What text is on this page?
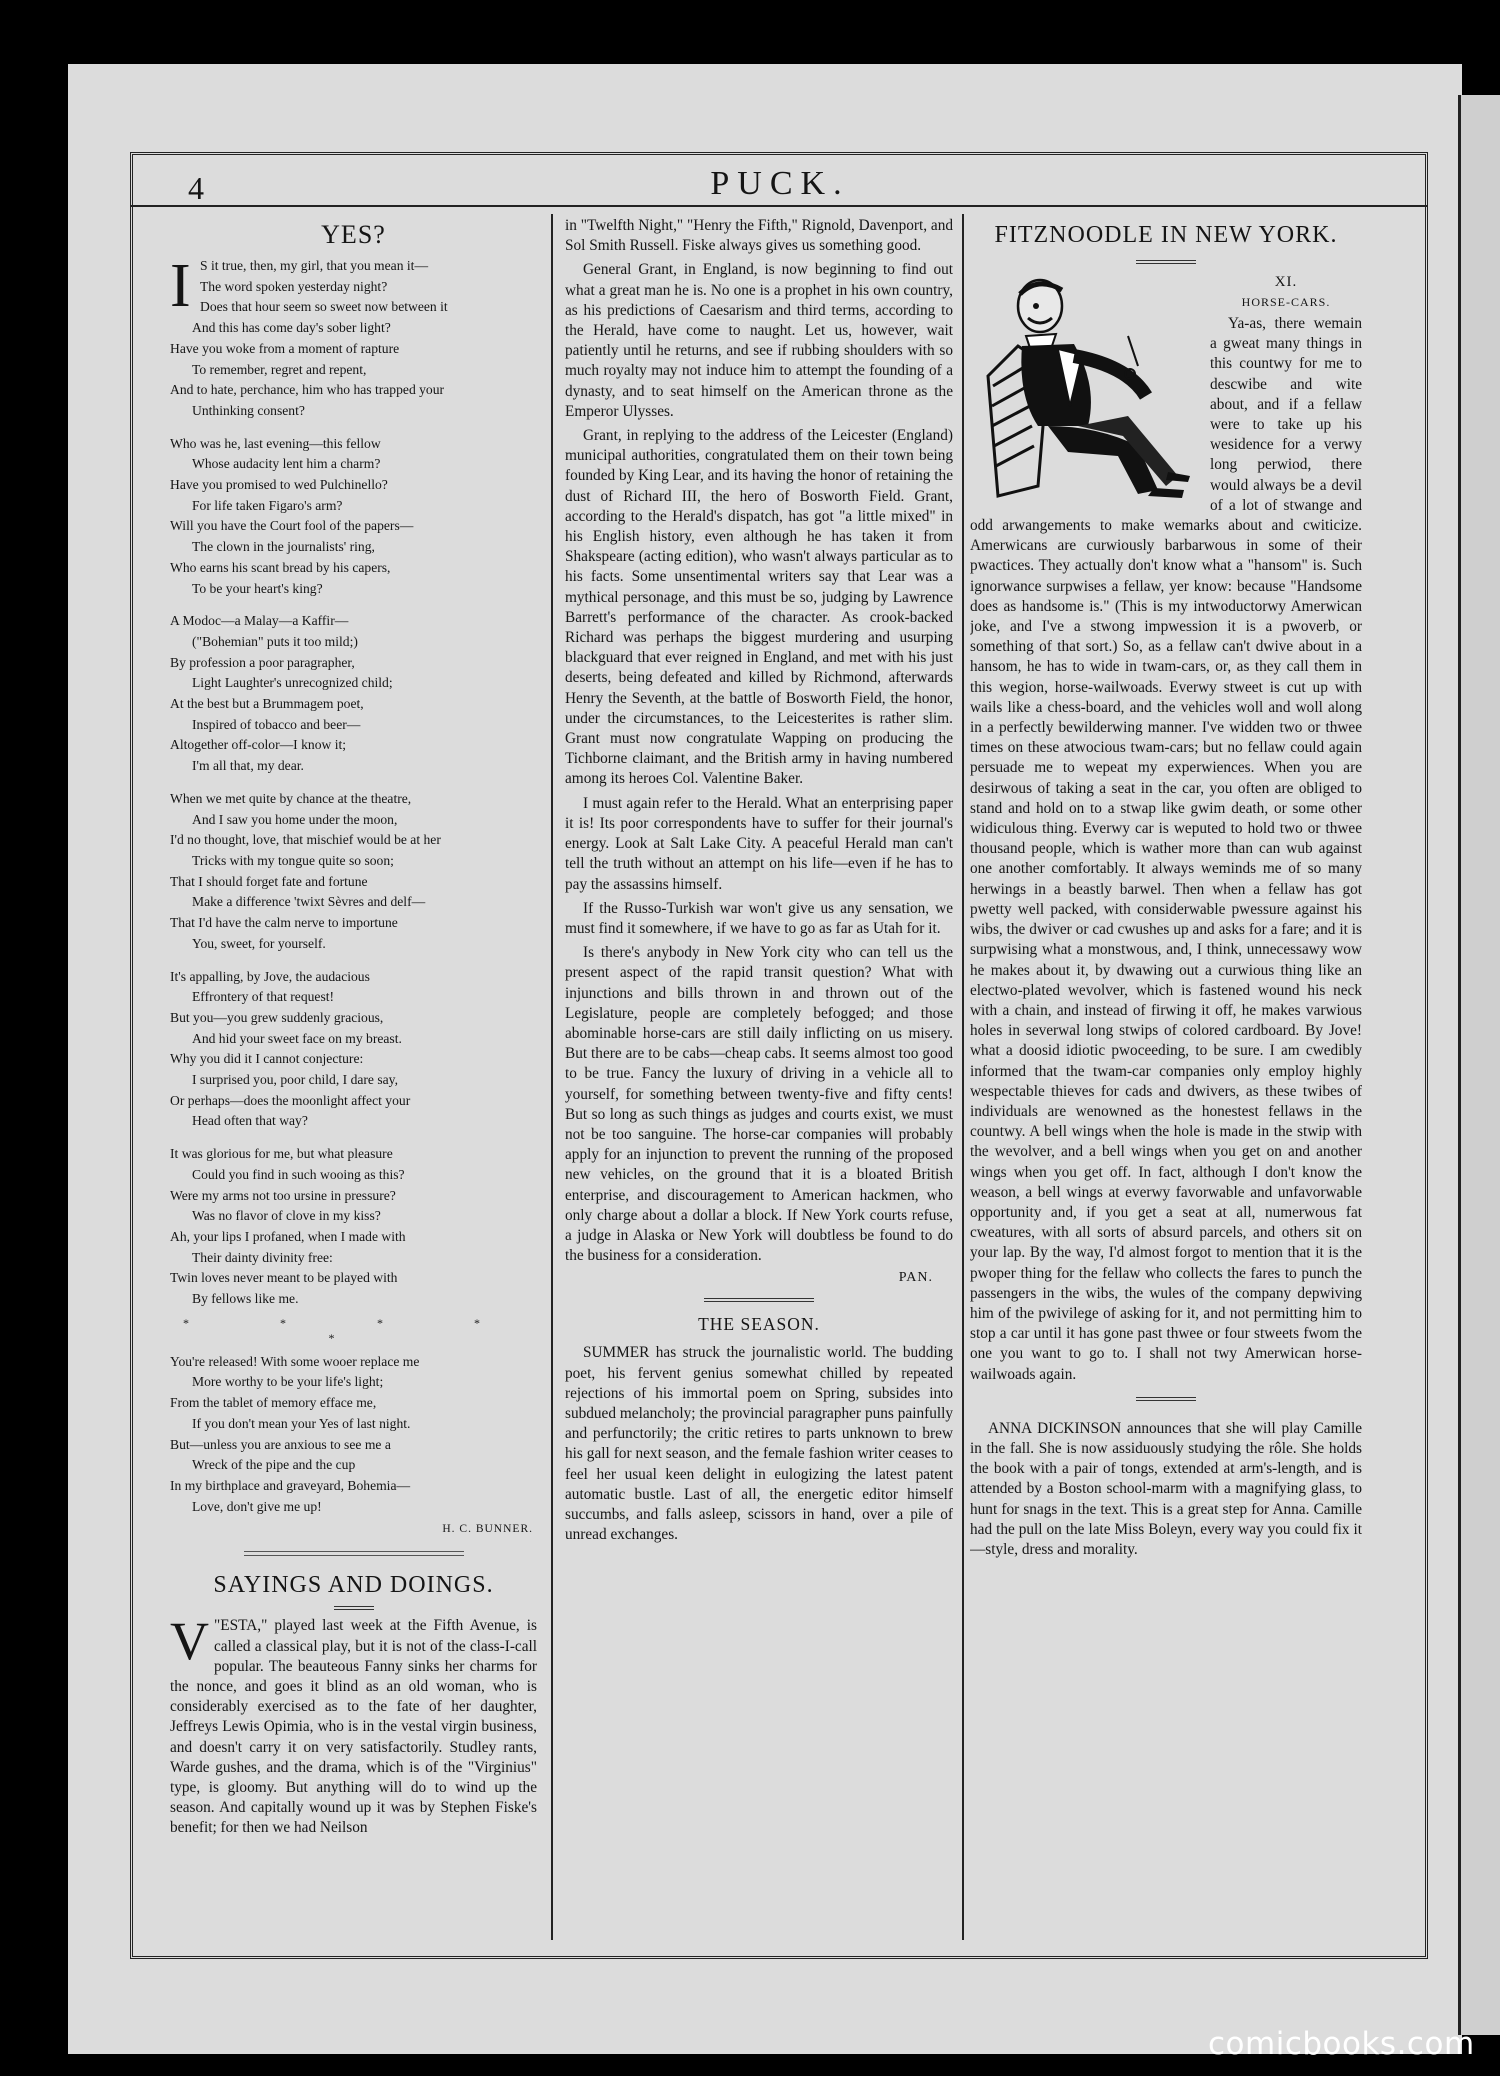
4	PUCK.
YES?
I S it true, then, my girl, that you mean it—

The word spoken yesterday night?

Does that hour seem so sweet now between it

And this has come day's sober light?

Have you woke from a moment of rapture

To remember, regret and repent,

And to hate, perchance, him who has trapped your

Unthinking consent?

Who was he, last evening—this fellow

Whose audacity lent him a charm?

Have you promised to wed Pulchinello?

For life taken Figaro's arm?

Will you have the Court fool of the papers—

The clown in the journalists' ring,

Who earns his scant bread by his capers,

To be your heart's king?

A Modoc—a Malay—a Kaffir—

("Bohemian" puts it too mild;)

By profession a poor paragrapher,

Light Laughter's unrecognized child;

At the best but a Brummagem poet,

Inspired of tobacco and beer—

Altogether off-color—I know it;

I'm all that, my dear.

When we met quite by chance at the theatre,

And I saw you home under the moon,

I'd no thought, love, that mischief would be at her

Tricks with my tongue quite so soon;

That I should forget fate and fortune

Make a difference 'twixt Sèvres and delf—

That I'd have the calm nerve to importune

You, sweet, for yourself.

It's appalling, by Jove, the audacious

Effrontery of that request!

But you—you grew suddenly gracious,

And hid your sweet face on my breast.

Why you did it I cannot conjecture:

I surprised you, poor child, I dare say,

Or perhaps—does the moonlight affect your

Head often that way?

It was glorious for me, but what pleasure

Could you find in such wooing as this?

Were my arms not too ursine in pressure?

Was no flavor of clove in my kiss?

Ah, your lips I profaned, when I made with

Their dainty divinity free:

Twin loves never meant to be played with

By fellows like me.

* * * * *

You're released! With some wooer replace me

More worthy to be your life's light;

From the tablet of memory efface me,

If you don't mean your Yes of last night.

But—unless you are anxious to see me a

Wreck of the pipe and the cup

In my birthplace and graveyard, Bohemia—

Love, don't give me up!

H. C. BUNNER.
SAYINGS AND DOINGS.
V "ESTA," played last week at the Fifth Avenue, is called a classical play, but it is not of the class-I-call popular. The beauteous Fanny sinks her charms for the nonce, and goes it blind as an old woman, who is considerably exercised as to the fate of her daughter, Jeffreys Lewis Opimia, who is in the vestal virgin business, and doesn't carry it on very satisfactorily. Studley rants, Warde gushes, and the drama, which is of the "Virginius" type, is gloomy. But anything will do to wind up the season. And capitally wound up it was by Stephen Fiske's benefit; for then we had Neilson

in "Twelfth Night," "Henry the Fifth," Rignold, Davenport, and Sol Smith Russell. Fiske always gives us something good.

General Grant, in England, is now beginning to find out what a great man he is. No one is a prophet in his own country, as his predictions of Caesarism and third terms, according to the Herald, have come to naught. Let us, however, wait patiently until he returns, and see if rubbing shoulders with so much royalty may not induce him to attempt the founding of a dynasty, and to seat himself on the American throne as the Emperor Ulysses.

Grant, in replying to the address of the Leicester (England) municipal authorities, congratulated them on their town being founded by King Lear, and its having the honor of retaining the dust of Richard III, the hero of Bosworth Field. Grant, according to the Herald's dispatch, has got "a little mixed" in his English history, even although he has taken it from Shakspeare (acting edition), who wasn't always particular as to his facts. Some unsentimental writers say that Lear was a mythical personage, and this must be so, judging by Lawrence Barrett's performance of the character. As crook-backed Richard was perhaps the biggest murdering and usurping blackguard that ever reigned in England, and met with his just deserts, being defeated and killed by Richmond, afterwards Henry the Seventh, at the battle of Bosworth Field, the honor, under the circumstances, to the Leicesterites is rather slim. Grant must now congratulate Wapping on producing the Tichborne claimant, and the British army in having numbered among its heroes Col. Valentine Baker.

I must again refer to the Herald. What an enterprising paper it is! Its poor correspondents have to suffer for their journal's energy. Look at Salt Lake City. A peaceful Herald man can't tell the truth without an attempt on his life—even if he has to pay the assassins himself.

If the Russo-Turkish war won't give us any sensation, we must find it somewhere, if we have to go as far as Utah for it.

Is there's anybody in New York city who can tell us the present aspect of the rapid transit question? What with injunctions and bills thrown in and thrown out of the Legislature, people are completely befogged; and those abominable horse-cars are still daily inflicting on us misery. But there are to be cabs—cheap cabs. It seems almost too good to be true. Fancy the luxury of driving in a vehicle all to yourself, for something between twenty-five and fifty cents! But so long as such things as judges and courts exist, we must not be too sanguine. The horse-car companies will probably apply for an injunction to prevent the running of the proposed new vehicles, on the ground that it is a bloated British enterprise, and discouragement to American hackmen, who only charge about a dollar a block. If New York courts refuse, a judge in Alaska or New York will doubtless be found to do the business for a consideration.

PAN.
THE SEASON.

SUMMER has struck the journalistic world. The budding poet, his fervent genius somewhat chilled by repeated rejections of his immortal poem on Spring, subsides into subdued melancholy; the provincial paragrapher puns painfully and perfunctorily; the critic retires to parts unknown to brew his gall for next season, and the female fashion writer ceases to feel her usual keen delight in eulogizing the latest patent automatic bustle. Last of all, the energetic editor himself succumbs, and falls asleep, scissors in hand, over a pile of unread exchanges.

FITZNOODLE IN NEW YORK.
XI.
HORSE-CARS.

Ya-as, there wemain a gweat many things in this countwy for me to descwibe and wite about, and if a fellaw were to take up his wesidence for a verwy long perwiod, there would always be a devil of a lot of stwange and odd arwangements to make wemarks about and cwiticize. Amerwicans are curwiously barbarwous in some of their pwactices. They actually don't know what a "hansom" is. Such ignorwance surpwises a fellaw, yer know: because "Handsome does as handsome is." (This is my intwoductorwy Amerwican joke, and I've a stwong impwession it is a pwoverb, or something of that sort.) So, as a fellaw can't dwive about in a hansom, he has to wide in twam-cars, or, as they call them in this wegion, horse-wailwoads. Everwy stweet is cut up with wails like a chess-board, and the vehicles woll and woll along in a perfectly bewilderwing manner. I've widden two or thwee times on these atwocious twam-cars; but no fellaw could again persuade me to wepeat my experwiences. When you are desirwous of taking a seat in the car, you often are obliged to stand and hold on to a stwap like gwim death, or some other widiculous thing. Everwy car is weputed to hold two or thwee thousand people, which is wather more than can wub against one another comfortably. It always weminds me of so many herwings in a beastly barwel. Then when a fellaw has got pwetty well packed, with considerwable pwessure against his wibs, the dwiver or cad cwushes up and asks for a fare; and it is surpwising what a monstwous, and, I think, unnecessawy wow he makes about it, by dwawing out a curwious thing like an electwo-plated wevolver, which is fastened wound his neck with a chain, and instead of firwing it off, he makes varwious holes in severwal long stwips of colored cardboard. By Jove! what a doosid idiotic pwoceeding, to be sure. I am cwedibly informed that the twam-car companies only employ highly wespectable thieves for cads and dwivers, as these twibes of individuals are wenowned as the honestest fellaws in the countwy. A bell wings when the hole is made in the stwip with the wevolver, and a bell wings when you get on and another wings when you get off. In fact, although I don't know the weason, a bell wings at everwy favorwable and unfavorwable opportunity and, if you get a seat at all, numerwous fat cweatures, with all sorts of absurd parcels, and others sit on your lap. By the way, I'd almost forgot to mention that it is the pwoper thing for the fellaw who collects the fares to punch the passengers in the wibs, the wules of the company depwiving him of the pwivilege of asking for it, and not permitting him to stop a car until it has gone past thwee or four stweets fwom the one you want to go to. I shall not twy Amerwican horse-wailwoads again.

ANNA DICKINSON announces that she will play Camille in the fall. She is now assiduously studying the rôle. She holds the book with a pair of tongs, extended at arm's-length, and is attended by a Boston school-marm with a magnifying glass, to hunt for snags in the text. This is a great step for Anna. Camille had the pull on the late Miss Boleyn, every way you could fix it—style, dress and morality.

comicbooks.com
